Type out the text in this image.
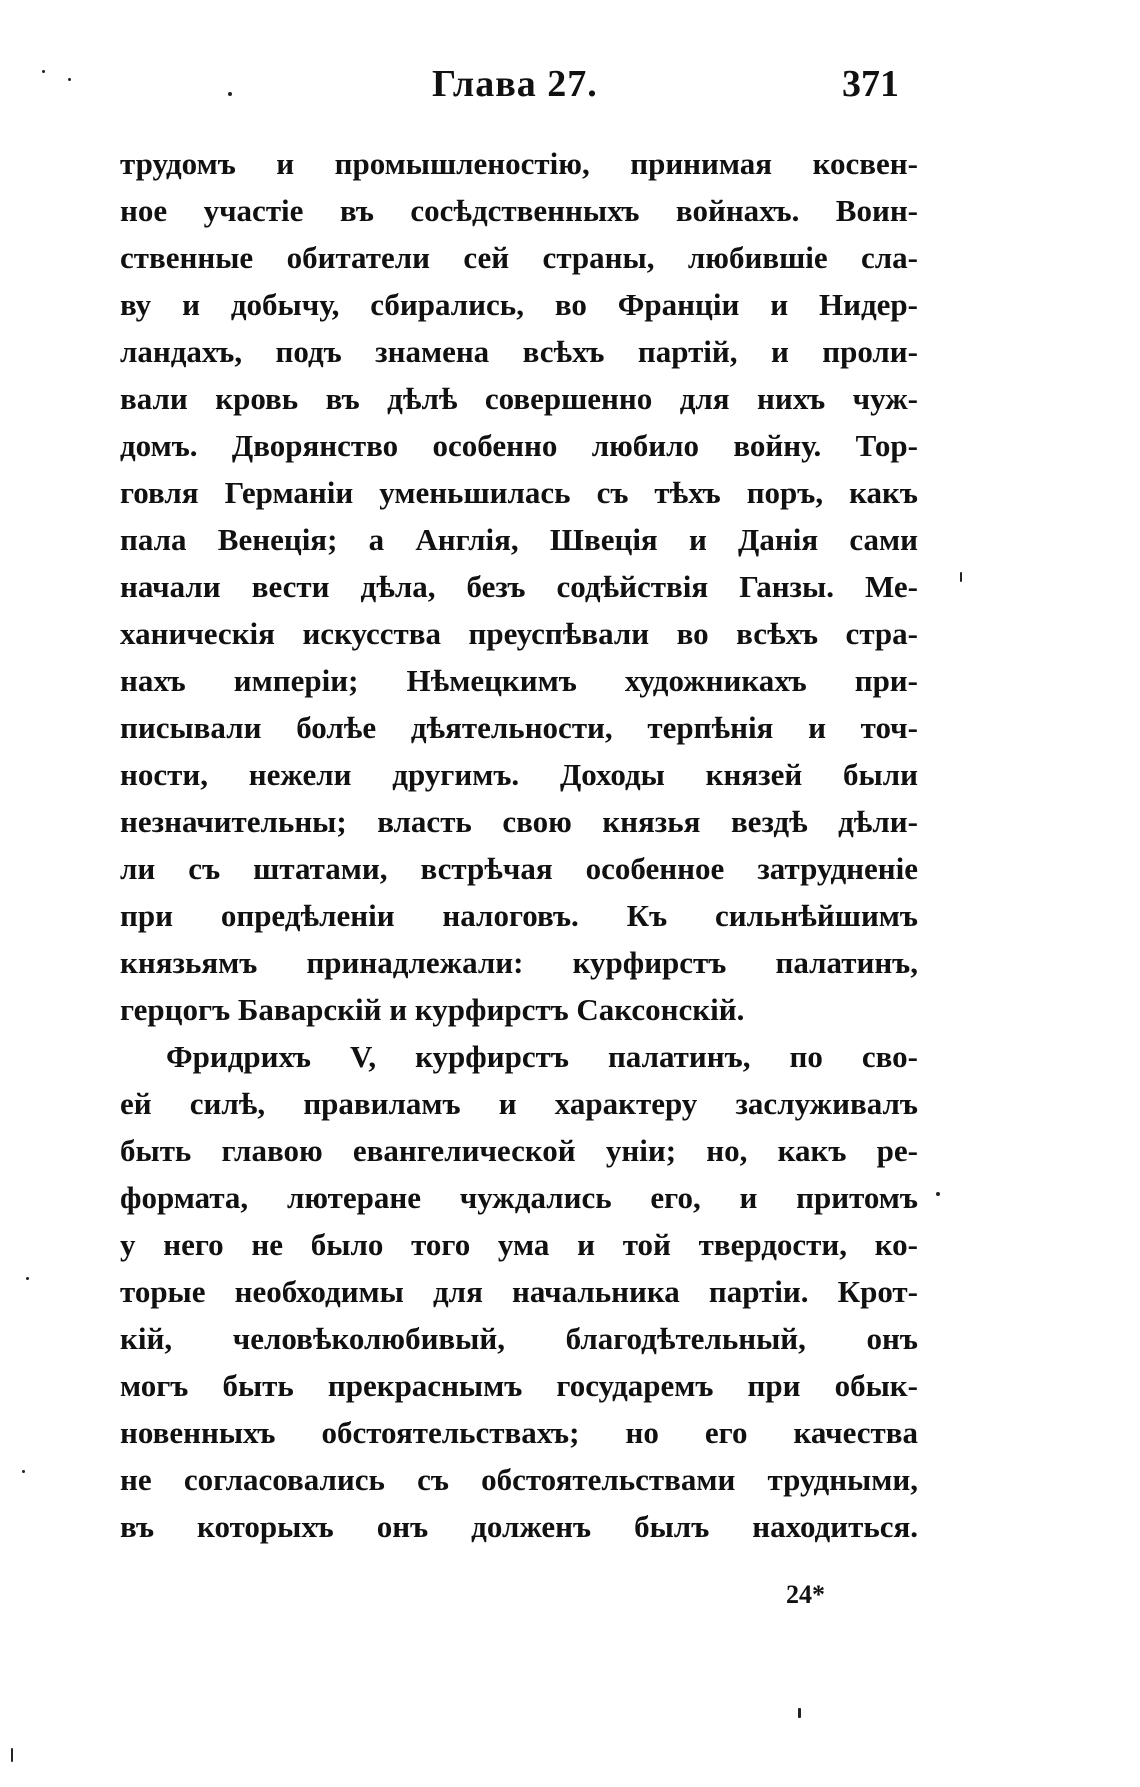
Глава 27.	371
трудомъ и промышленостію, принимая косвен-
ное участіе въ сосѣдственныхъ войнахъ. Воин-
ственные обитатели сей страны, любившіе сла-
ву и добычу, сбирались, во Франціи и Нидер-
ландахъ, подъ знамена всѣхъ партій, и проли-
вали кровь въ дѣлѣ совершенно для нихъ чуж-
домъ. Дворянство особенно любило войну. Тор-
говля Германіи уменьшилась съ тѣхъ поръ, какъ
пала Венеція; а Англія, Швеція и Данія сами
начали вести дѣла, безъ содѣйствія Ганзы. Ме-
ханическія искусства преуспѣвали во всѣхъ стра-
нахъ имперіи; Нѣмецкимъ художникахъ при-
писывали болѣе дѣятельности, терпѣнія и точ-
ности, нежели другимъ. Доходы князей были
незначительны; власть свою князья вездѣ дѣли-
ли съ штатами, встрѣчая особенное затрудненіе
при опредѣленіи налоговъ. Къ сильнѣйшимъ
князьямъ принадлежали: курфирстъ палатинъ,
герцогъ Баварскій и курфирстъ Саксонскій.
Фридрихъ V, курфирстъ палатинъ, по сво-
ей силѣ, правиламъ и характеру заслуживалъ
быть главою евангелической уніи; но, какъ ре-
формата, лютеране чуждались его, и притомъ
у него не было того ума и той твердости, ко-
торые необходимы для начальника партіи. Крот-
кій, человѣколюбивый, благодѣтельный, онъ
могъ быть прекраснымъ государемъ при обык-
новенныхъ обстоятельствахъ; но его качества
не согласовались съ обстоятельствами трудными,
въ которыхъ онъ долженъ былъ находиться.
24*
